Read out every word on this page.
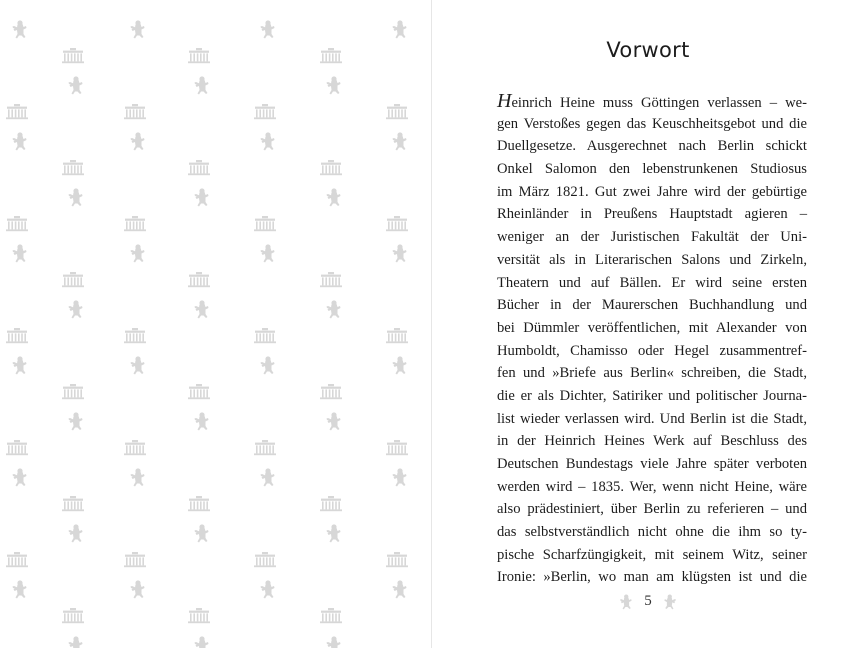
Vorwort
Heinrich Heine muss Göttingen verlassen – we-
gen Verstoßes gegen das Keuschheitsgebot und die
Duellgesetze. Ausgerechnet nach Berlin schickt
Onkel Salomon den lebenstrunkenen Studiosus
im März 1821. Gut zwei Jahre wird der gebürtige
Rheinländer in Preußens Hauptstadt agieren –
weniger an der Juristischen Fakultät der Uni-
versität als in Literarischen Salons und Zirkeln,
Theatern und auf Bällen. Er wird seine ersten
Bücher in der Maurerschen Buchhandlung und
bei Dümmler veröffentlichen, mit Alexander von
Humboldt, Chamisso oder Hegel zusammentref-
fen und »Briefe aus Berlin« schreiben, die Stadt,
die er als Dichter, Satiriker und politischer Journa-
list wieder verlassen wird. Und Berlin ist die Stadt,
in der Heinrich Heines Werk auf Beschluss des
Deutschen Bundestags viele Jahre später verboten
werden wird – 1835. Wer, wenn nicht Heine, wäre
also prädestiniert, über Berlin zu referieren – und
das selbstverständlich nicht ohne die ihm so ty-
pische Scharfzüngigkeit, mit seinem Witz, seiner
Ironie: »Berlin, wo man am klügsten ist und die
5
